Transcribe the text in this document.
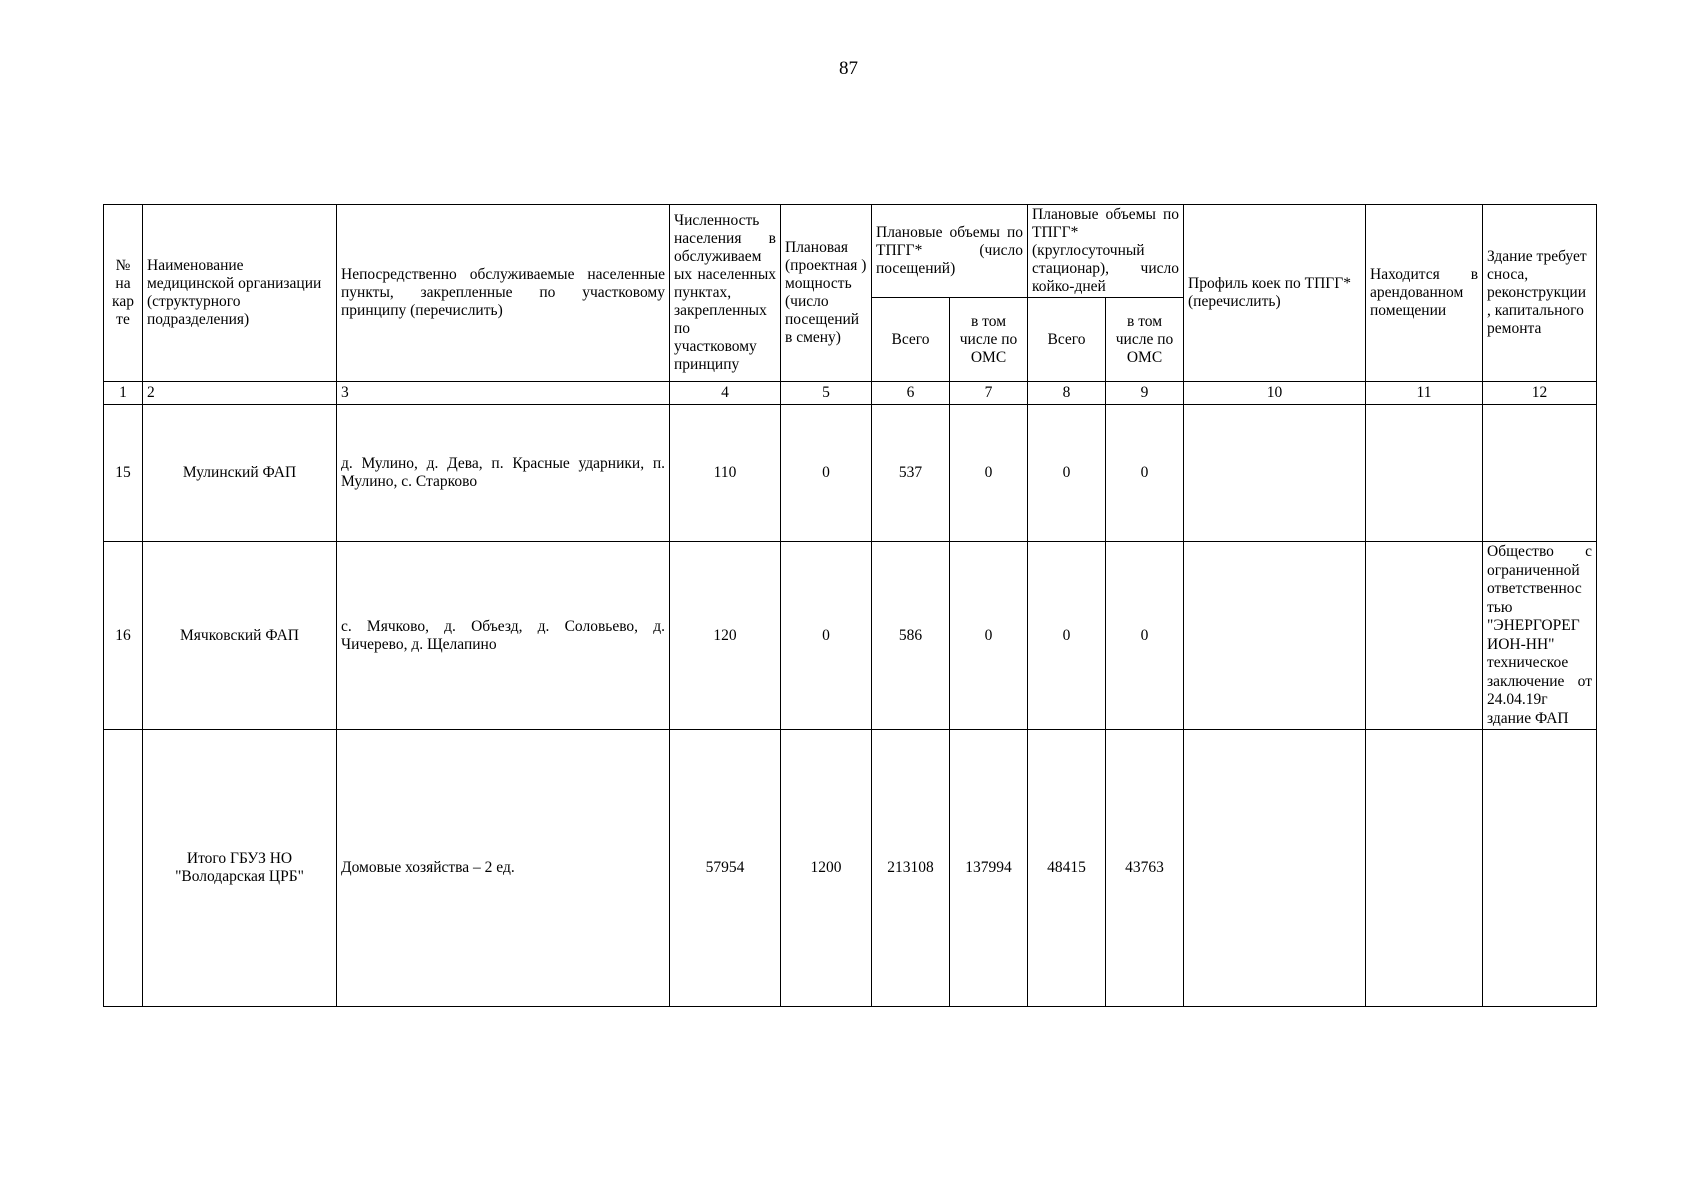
87
№ на кар те	Наименование медицинской организации (структурного подразделения)	Непосредственно обслуживаемые населенные пункты, закрепленные по участковому принципу (перечислить)	Численность населения в обслуживаем ых населенных пунктах, закрепленных по участковому принципу	Плановая (проектная ) мощность (число посещений в смену)	Плановые объемы по ТПГГ* (число посещений)		Плановые объемы по ТПГГ* (круглосуточный стационар), число койко-дней		Профиль коек по ТПГГ* (перечислить)	Находится в арендованном помещении	Здание требует сноса, реконструкции , капитального ремонта
					Всего	в том числе по ОМС	Всего	в том числе по ОМС			
1	2	3	4	5	6	7	8	9	10	11	12
15	Мулинский ФАП	д. Мулино, д. Дева, п. Красные ударники, п. Мулино, с. Старково	110	0	537	0	0	0			
16	Мячковский ФАП	с. Мячково, д. Объезд, д. Соловьево, д. Чичерево, д. Щелапино	120	0	586	0	0	0			Общество с ограниченной ответственнос тью "ЭНЕРГОРЕГ ИОН-НН" техническое заключение от 24.04.19г здание ФАП
	Итого ГБУЗ НО "Володарская ЦРБ"	Домовые хозяйства – 2 ед.	57954	1200	213108	137994	48415	43763			
